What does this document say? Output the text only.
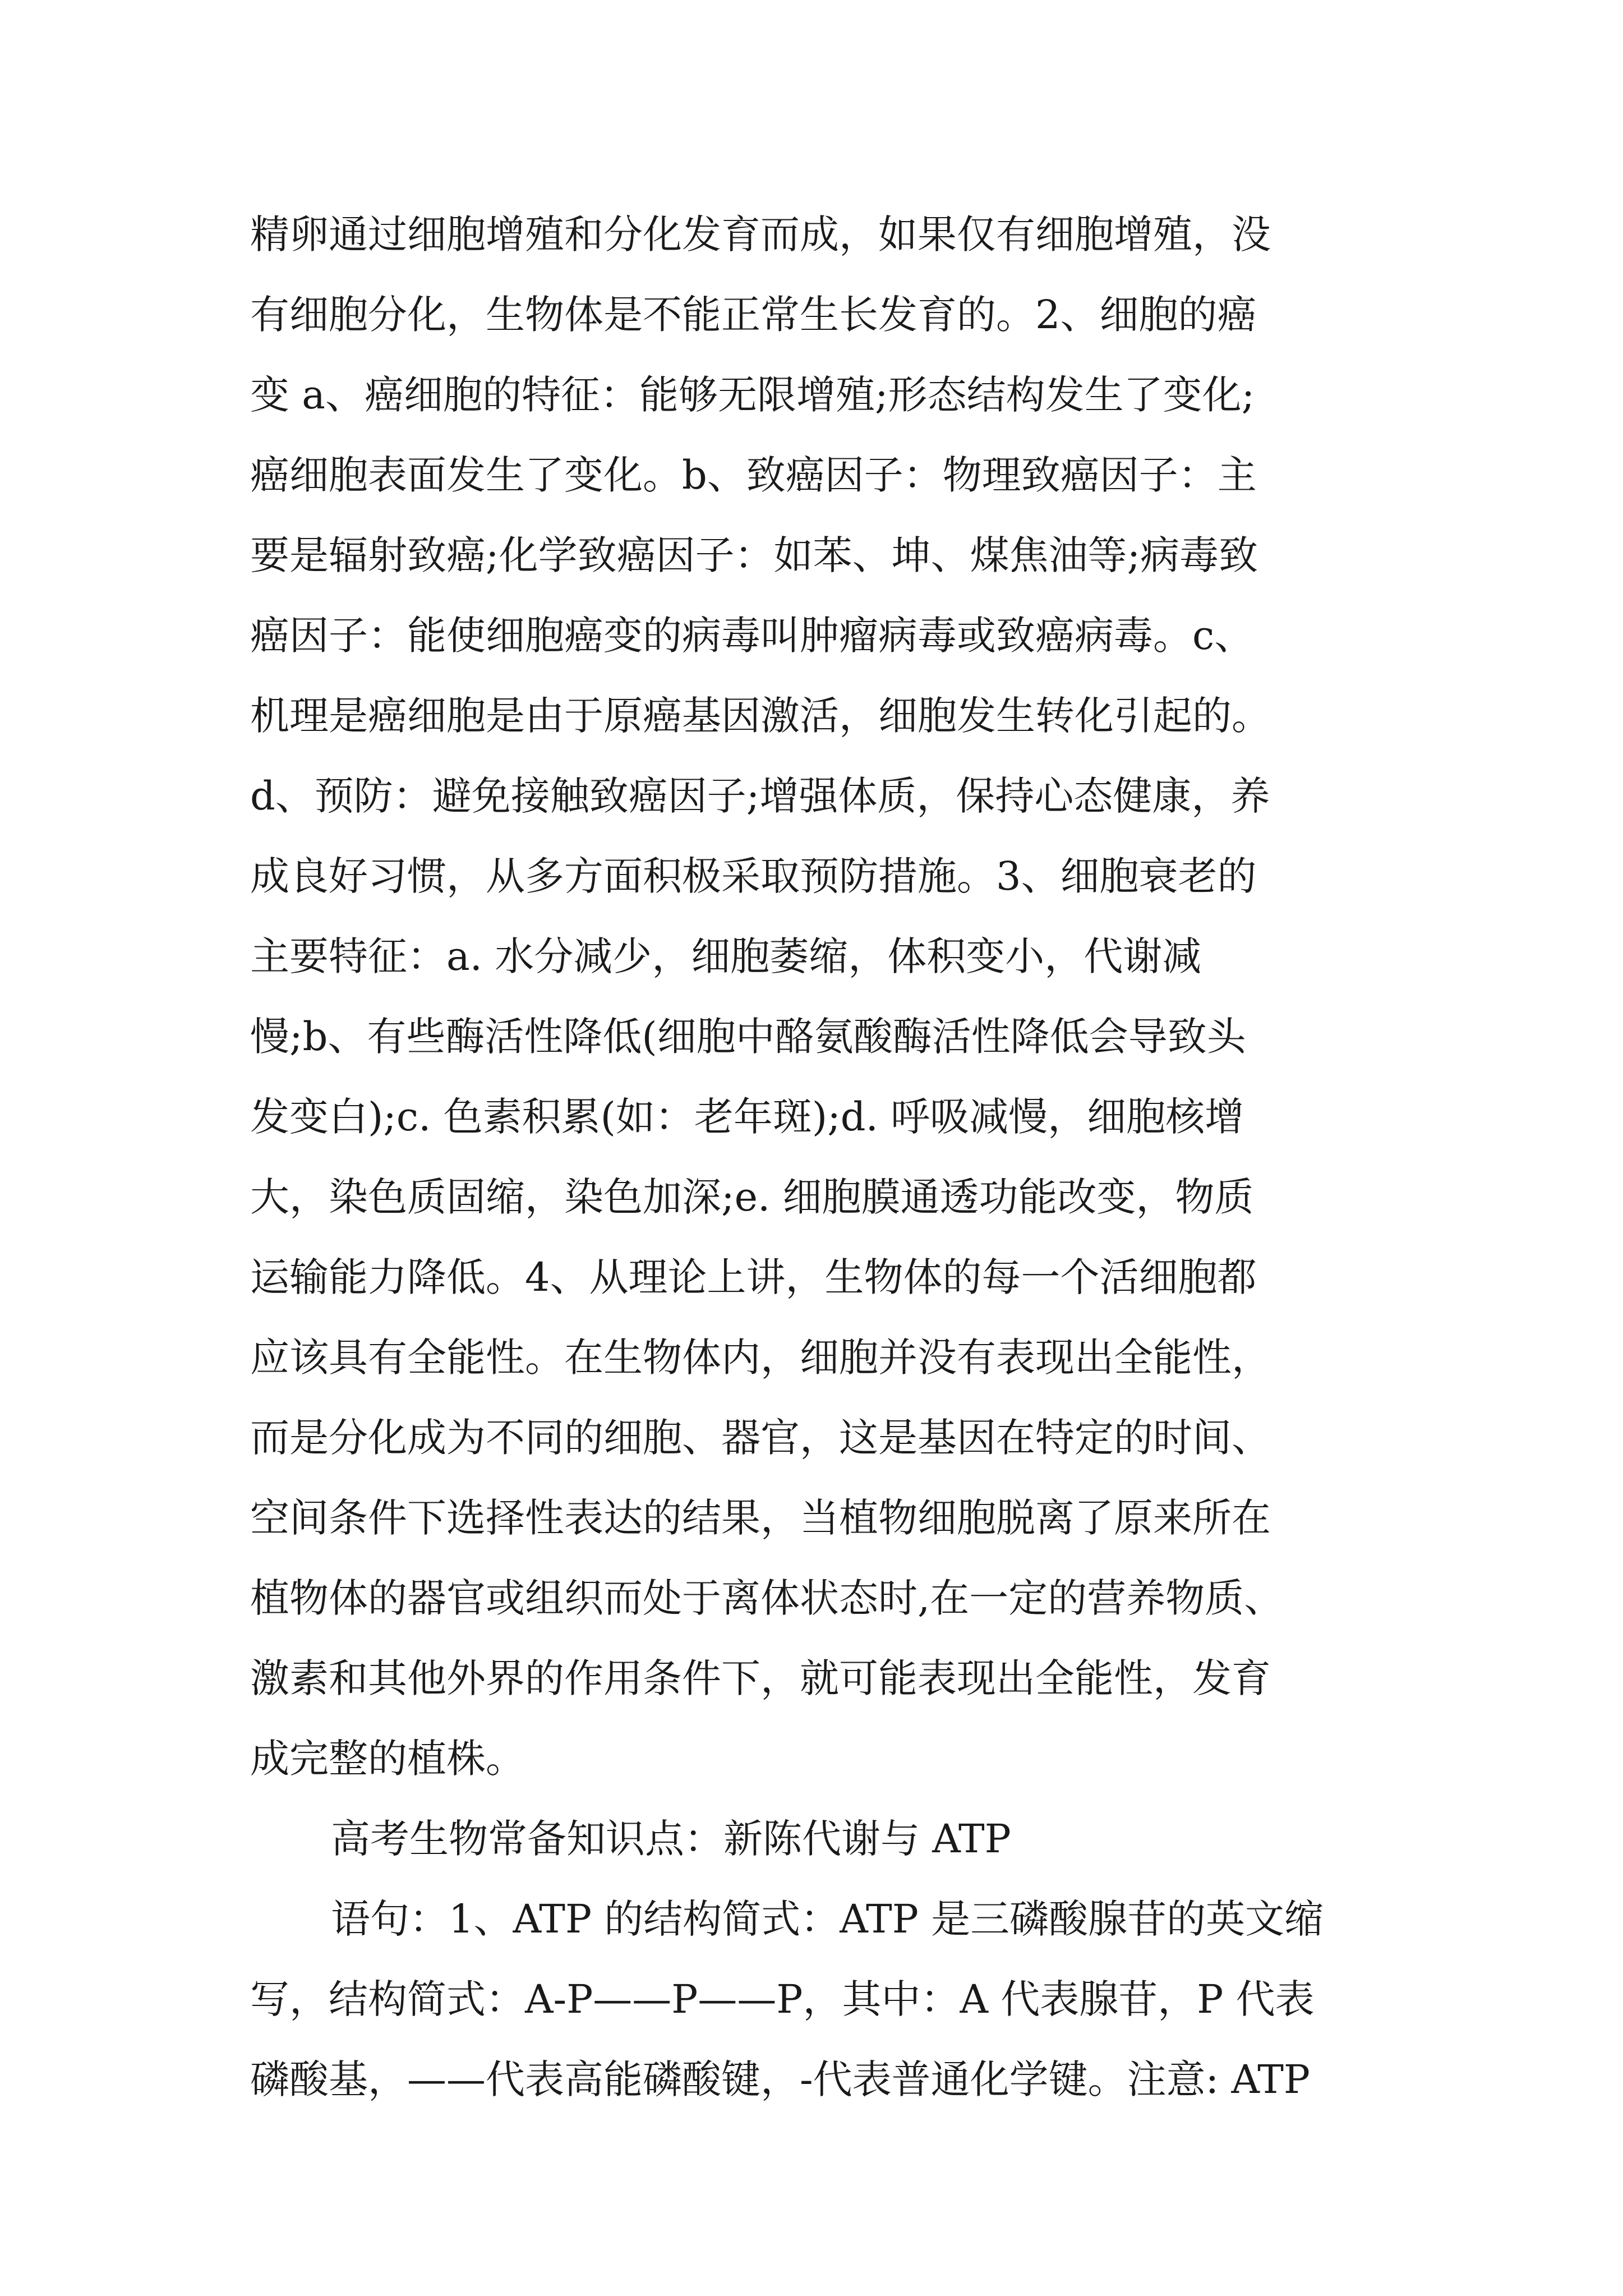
精卵通过细胞增殖和分化发育而成，如果仅有细胞增殖，没
有细胞分化，生物体是不能正常生长发育的。2、细胞的癌
变 a、癌细胞的特征：能够无限增殖;形态结构发生了变化;
癌细胞表面发生了变化。b、致癌因子：物理致癌因子：主
要是辐射致癌;化学致癌因子：如苯、坤、煤焦油等;病毒致
癌因子：能使细胞癌变的病毒叫肿瘤病毒或致癌病毒。c、
机理是癌细胞是由于原癌基因激活，细胞发生转化引起的。
d、预防：避免接触致癌因子;增强体质，保持心态健康，养
成良好习惯，从多方面积极采取预防措施。3、细胞衰老的
主要特征：a. 水分减少，细胞萎缩，体积变小，代谢减
慢;b、有些酶活性降低(细胞中酪氨酸酶活性降低会导致头
发变白);c. 色素积累(如：老年斑);d. 呼吸减慢，细胞核增
大，染色质固缩，染色加深;e. 细胞膜通透功能改变，物质
运输能力降低。4、从理论上讲，生物体的每一个活细胞都
应该具有全能性。在生物体内，细胞并没有表现出全能性，
而是分化成为不同的细胞、器官，这是基因在特定的时间、
空间条件下选择性表达的结果，当植物细胞脱离了原来所在
植物体的器官或组织而处于离体状态时,在一定的营养物质、
激素和其他外界的作用条件下，就可能表现出全能性，发育
成完整的植株。
高考生物常备知识点：新陈代谢与 ATP
语句：1、ATP 的结构简式：ATP 是三磷酸腺苷的英文缩
写，结构简式：A-P——P——P，其中：A 代表腺苷，P 代表
磷酸基，——代表高能磷酸键，-代表普通化学键。注意: ATP
